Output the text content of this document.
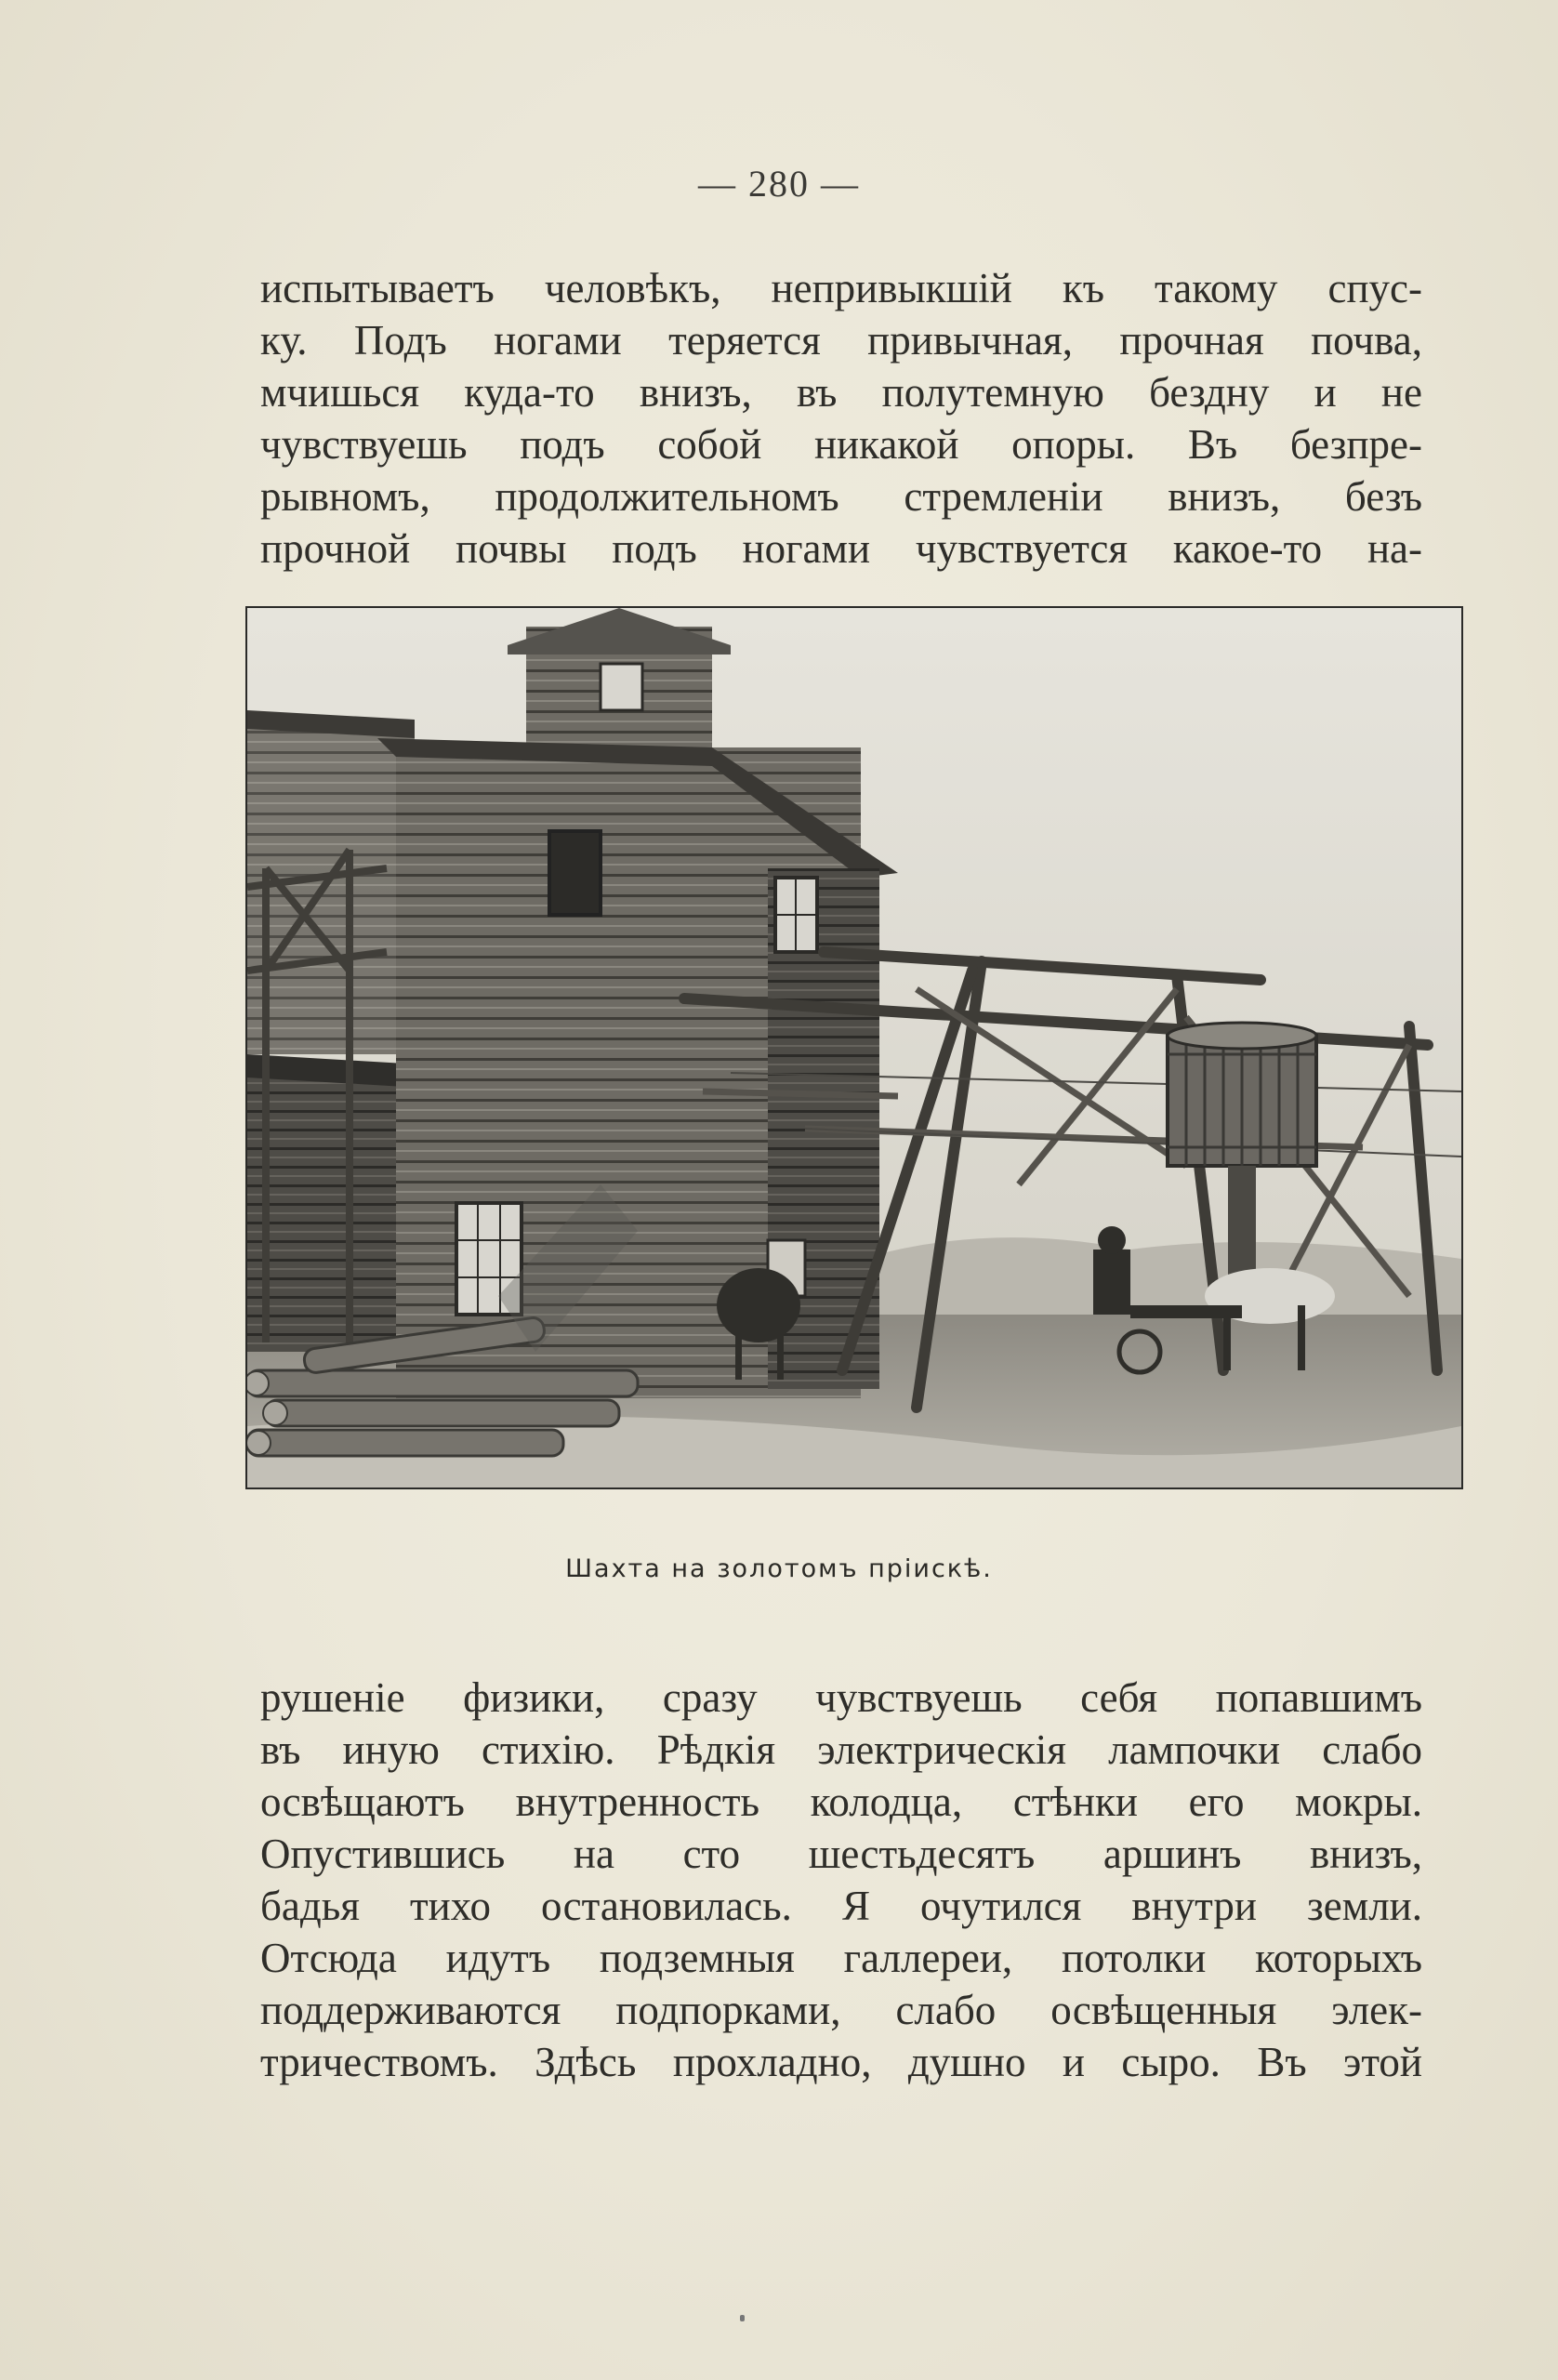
— 280 —
испытываетъ человѣкъ, непривыкшій къ такому спус-
ку. Подъ ногами теряется привычная, прочная почва,
мчишься куда-то внизъ, въ полутемную бездну и не
чувствуешь подъ собой никакой опоры. Въ безпре-
рывномъ, продолжительномъ стремленіи внизъ, безъ
прочной почвы подъ ногами чувствуется какое-то на-
Шахта на золотомъ пріискѣ.
рушеніе физики, сразу чувствуешь себя попавшимъ
въ иную стихію. Рѣдкія электрическія лампочки слабо
освѣщаютъ внутренность колодца, стѣнки его мокры.
Опустившись на сто шестьдесятъ аршинъ внизъ,
бадья тихо остановилась. Я очутился внутри земли.
Отсюда идутъ подземныя галлереи, потолки которыхъ
поддерживаются подпорками, слабо освѣщенныя элек-
тричествомъ. Здѣсь прохладно, душно и сыро. Въ этой
